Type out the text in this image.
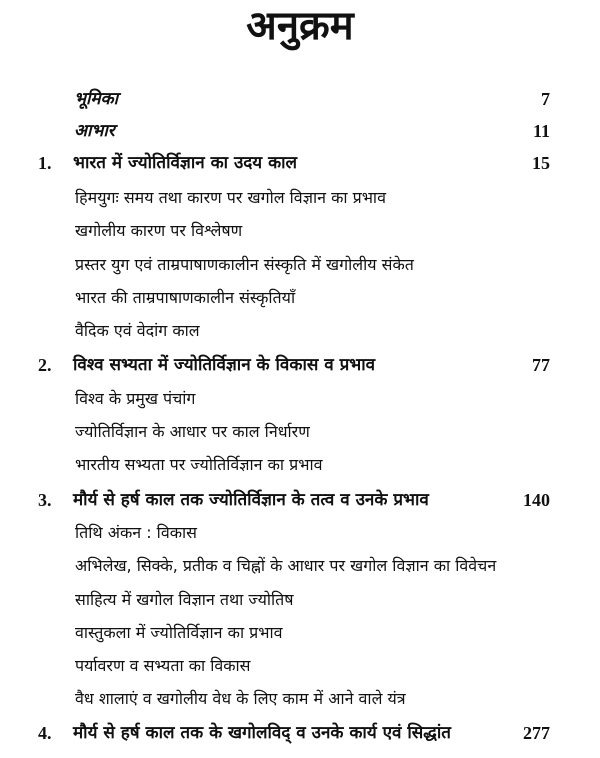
अनुक्रम
भूमिका	7
आभार	11
1. भारत में ज्योतिर्विज्ञान का उदय काल	15
हिमयुगः समय तथा कारण पर खगोल विज्ञान का प्रभाव
खगोलीय कारण पर विश्लेषण
प्रस्तर युग एवं ताम्रपाषाणकालीन संस्कृति में खगोलीय संकेत
भारत की ताम्रपाषाणकालीन संस्कृतियाँ
वैदिक एवं वेदांग काल
2. विश्व सभ्यता में ज्योतिर्विज्ञान के विकास व प्रभाव	77
विश्व के प्रमुख पंचांग
ज्योतिर्विज्ञान के आधार पर काल निर्धारण
भारतीय सभ्यता पर ज्योतिर्विज्ञान का प्रभाव
3. मौर्य से हर्ष काल तक ज्योतिर्विज्ञान के तत्व व उनके प्रभाव	140
तिथि अंकन : विकास
अभिलेख, सिक्के, प्रतीक व चिह्नों के आधार पर खगोल विज्ञान का विवेचन
साहित्य में खगोल विज्ञान तथा ज्योतिष
वास्तुकला में ज्योतिर्विज्ञान का प्रभाव
पर्यावरण व सभ्यता का विकास
वैध शालाएं व खगोलीय वेध के लिए काम में आने वाले यंत्र
4. मौर्य से हर्ष काल तक के खगोलविद् व उनके कार्य एवं सिद्धांत	277
